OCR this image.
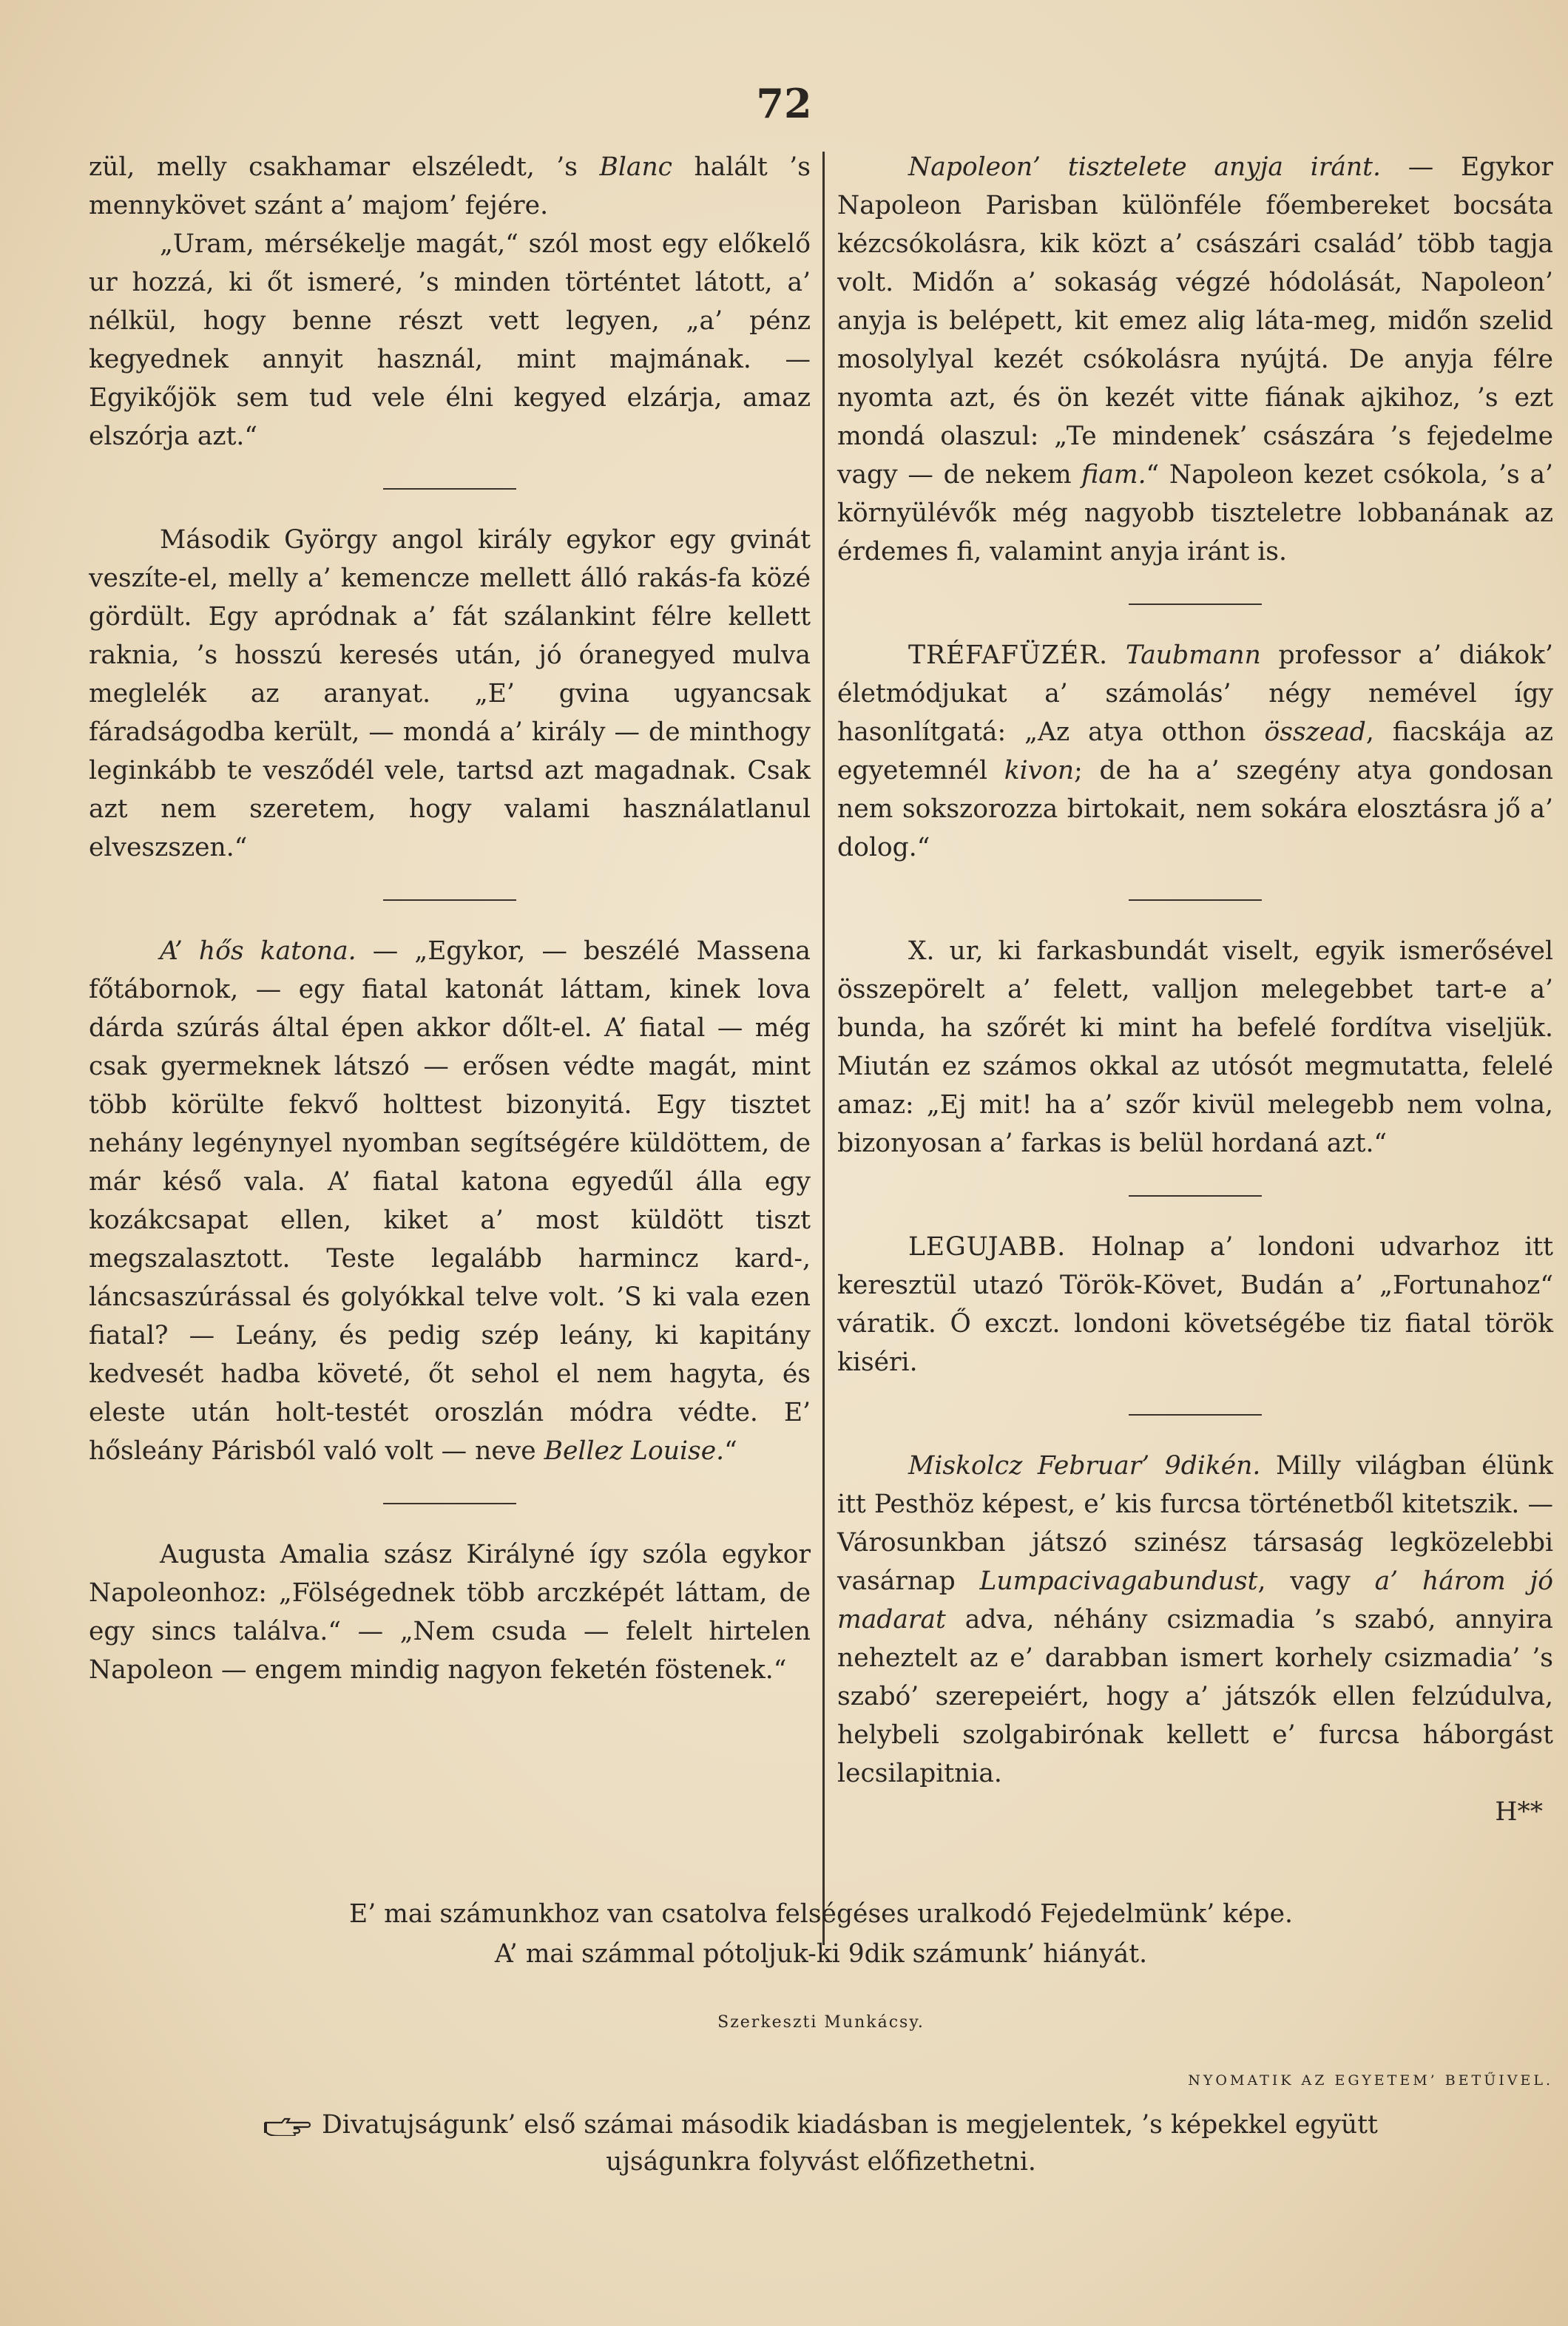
72

zül, melly csakhamar elszéledt, ’s Blanc halált ’s mennykövet szánt a’ majom’ fejére.

„Uram, mérsékelje magát,“ szól most egy előkelő ur hozzá, ki őt ismeré, ’s minden történtet látott, a’ nélkül, hogy benne részt vett legyen, „a’ pénz kegyednek annyit használ, mint majmának. — Egyikőjök sem tud vele élni kegyed elzárja, amaz elszórja azt.“

Második György angol király egykor egy gvinát veszíte-el, melly a’ kemencze mellett álló rakás-fa közé gördült. Egy apródnak a’ fát szálankint félre kellett raknia, ’s hosszú keresés után, jó óranegyed mulva meglelék az aranyat. „E’ gvina ugyancsak fáradságodba került, — mondá a’ király — de minthogy leginkább te vesződél vele, tartsd azt magadnak. Csak azt nem szeretem, hogy valami használatlanul elveszszen.“

A’ hős katona. — „Egykor, — beszélé Massena főtábornok, — egy fiatal katonát láttam, kinek lova dárda szúrás által épen akkor dőlt-el. A’ fiatal — még csak gyermeknek látszó — erősen védte magát, mint több körülte fekvő holttest bizonyitá. Egy tisztet nehány legénynyel nyomban segítségére küldöttem, de már késő vala. A’ fiatal katona egyedűl álla egy kozákcsapat ellen, kiket a’ most küldött tiszt megszalasztott. Teste legalább harmincz kard-, láncsaszúrással és golyókkal telve volt. ’S ki vala ezen fiatal? — Leány, és pedig szép leány, ki kapitány kedvesét hadba követé, őt sehol el nem hagyta, és eleste után holt-testét oroszlán módra védte. E’ hősleány Párisból való volt — neve Bellez Louise.“

Augusta Amalia szász Királyné így szóla egykor Napoleonhoz: „Fölségednek több arczképét láttam, de egy sincs találva.“ — „Nem csuda — felelt hirtelen Napoleon — engem mindig nagyon feketén föstenek.“

Napoleon’ tisztelete anyja iránt. — Egykor Napoleon Parisban különféle főembereket bocsáta kézcsókolásra, kik közt a’ császári család’ több tagja volt. Midőn a’ sokaság végzé hódolását, Napoleon’ anyja is belépett, kit emez alig láta-meg, midőn szelid mosolylyal kezét csókolásra nyújtá. De anyja félre nyomta azt, és ön kezét vitte fiának ajkihoz, ’s ezt mondá olaszul: „Te mindenek’ császára ’s fejedelme vagy — de nekem fiam.“ Napoleon kezet csókola, ’s a’ környülévők még nagyobb tiszteletre lobbanának az érdemes fi, valamint anyja iránt is.

TRÉFAFÜZÉR. Taubmann professor a’ diákok’ életmódjukat a’ számolás’ négy nemével így hasonlítgatá: „Az atya otthon összead, fiacskája az egyetemnél kivon; de ha a’ szegény atya gondosan nem sokszorozza birtokait, nem sokára elosztásra jő a’ dolog.“

X. ur, ki farkasbundát viselt, egyik ismerősével összepörelt a’ felett, valljon melegebbet tart-e a’ bunda, ha szőrét ki mint ha befelé fordítva viseljük. Miután ez számos okkal az utósót megmutatta, felelé amaz: „Ej mit! ha a’ szőr kivül melegebb nem volna, bizonyosan a’ farkas is belül hordaná azt.“

LEGUJABB. Holnap a’ londoni udvarhoz itt keresztül utazó Török-Követ, Budán a’ „Fortunahoz“ váratik. Ő exczt. londoni követségébe tiz fiatal török kiséri.

Miskolcz Februar’ 9dikén. Milly világban élünk itt Pesthöz képest, e’ kis furcsa történetből kitetszik. — Városunkban játszó szinész társaság legközelebbi vasárnap Lumpacivagabundust, vagy a’ három jó madarat adva, néhány csizmadia ’s szabó, annyira neheztelt az e’ darabban ismert korhely csizmadia’ ’s szabó’ szerepeiért, hogy a’ játszók ellen felzúdulva, helybeli szolgabirónak kellett e’ furcsa háborgást lecsilapitnia.

H**

E’ mai számunkhoz van csatolva felségéses uralkodó Fejedelmünk’ képe.
A’ mai számmal pótoljuk-ki 9dik számunk’ hiányát.
Szerkeszti Munkácsy.
NYOMATIK AZ EGYETEM’ BETŰIVEL.
Divatujságunk’ első számai második kiadásban is megjelentek, ’s képekkel együtt
ujságunkra folyvást előfizethetni.
